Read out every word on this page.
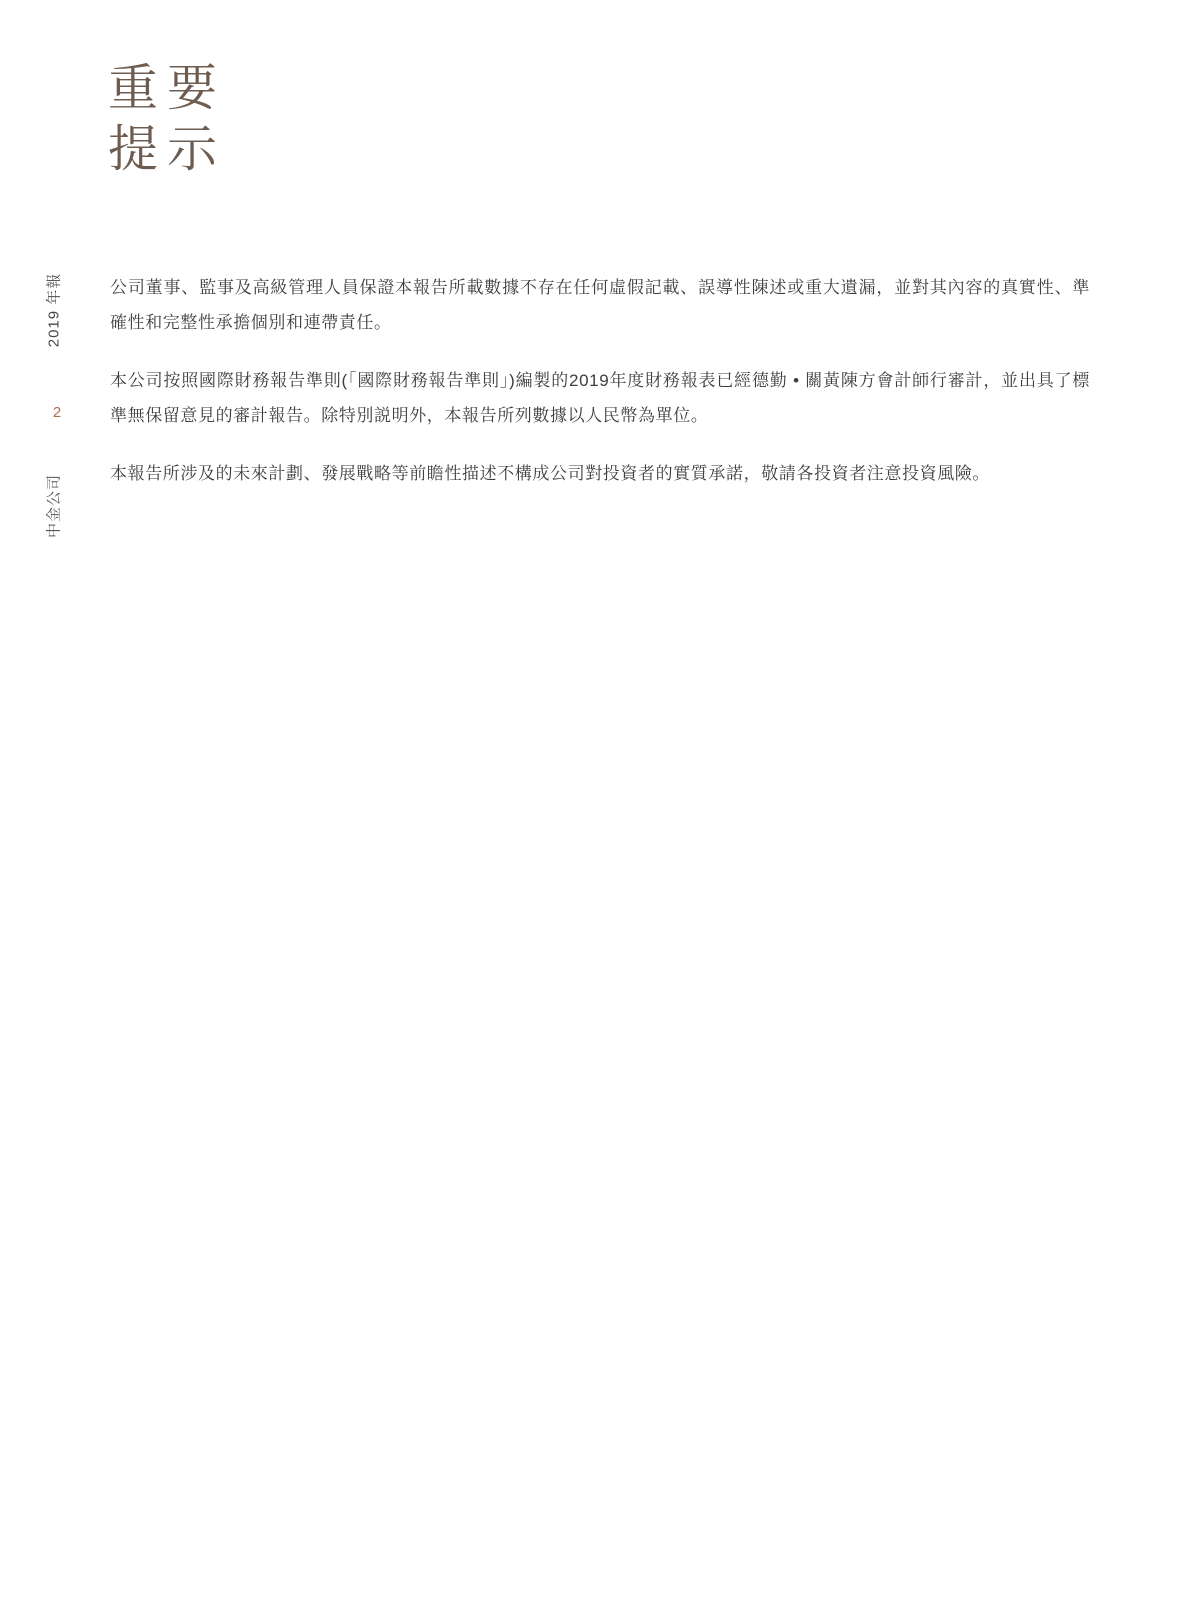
重要
提示
2019 年報
2
中金公司

公司董事、監事及高級管理人員保證本報告所載數據不存在任何虛假記載、誤導性陳述或重大遺漏，並對其內容的真實性、準確性和完整性承擔個別和連帶責任。

本公司按照國際財務報告準則(「國際財務報告準則」)編製的2019年度財務報表已經德勤 • 關黃陳方會計師行審計，並出具了標準無保留意見的審計報告。除特別説明外，本報告所列數據以人民幣為單位。

本報告所涉及的未來計劃、發展戰略等前瞻性描述不構成公司對投資者的實質承諾，敬請各投資者注意投資風險。
